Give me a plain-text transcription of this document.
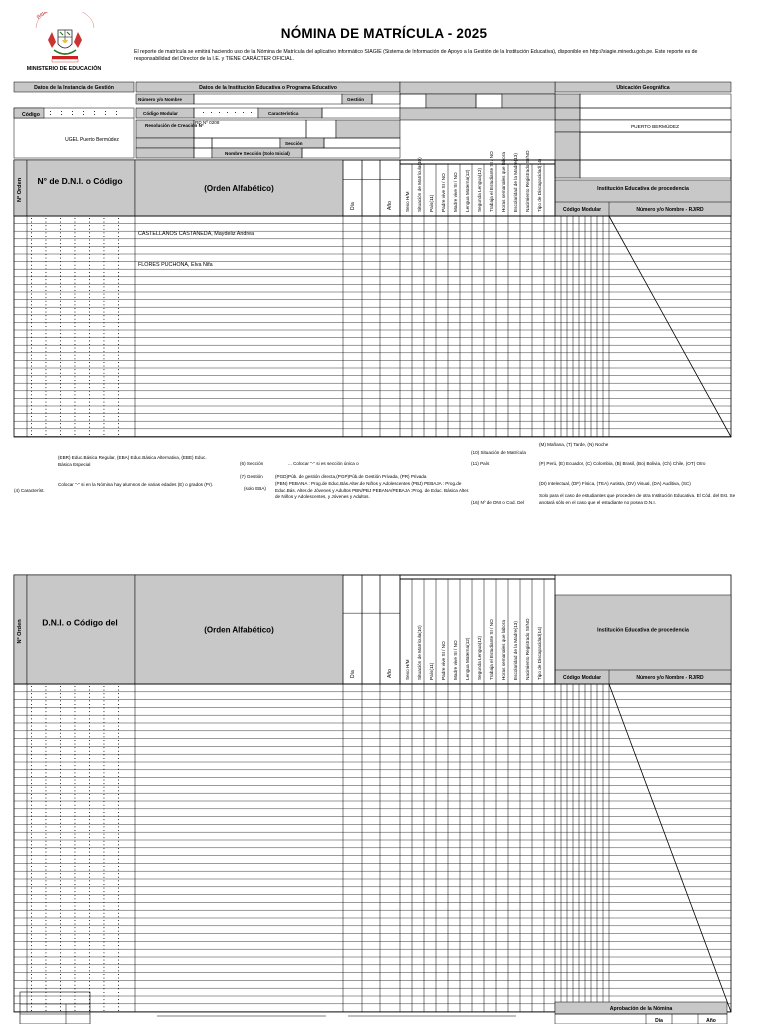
Rep
MINISTERIO DE EDUCACIÓN
NÓMINA DE MATRÍCULA - 2025
El reporte de matrícula se emitirá haciendo uso de la Nómina de Matrícula del aplicativo informático SIAGIE (Sistema de Información de Apoyo a la Gestión de la Institución Educativa), disponible en http://siagie.minedu.gob.pe. Este reporte es de responsabilidad del Director de la I.E. y TIENE CARÁCTER OFICIAL.
Datos de la Instancia de Gestión
Código
UGEL Puerto Bermúdez
Datos de la Institución Educativa o Programa Educativo
Número y/o Nombre	Gestión
Código Modular	Característica
Resolución de Creación N°
RD Nº 0208
Sección
Nombre Sección (Solo Inicial)
Ubicación Geográfica
PUERTO BERMÚDEZ
Nº Orden N° de D.N.I. o Código
(Orden Alfabético)
Día	Año	Sexo H/M Situación de Matrícula(10) País(11) Padre vive SI / NO Madre vive SI / NO Lengua Materna(12) Segunda Lengua(12) Trabaja el Estudiante SI / NO Horas semanales que labora Escolaridad de la Madre(13) Nacimiento Registrado SI/NO Tipo de Discapacidad(14)	Institución Educativa de procedencia
Código Modular	Número y/o Nombre - RJ/RD
CASTELLANOS CASTANEDA, Maydeliz Andrea
FLORES PUCHONA, Elva Nifa
Nº Orden D.N.I. o Código del
(Orden Alfabético)
Día	Año	Sexo H/M Situación de Matrícula(10) País(11) Padre vive SI / NO Madre vive SI / NO Lengua Materna(12) Segunda Lengua(12) Trabaja el Estudiante SI / NO Horas semanales que labora Escolaridad de la Madre(13) Nacimiento Registrado SI/NO Tipo de Discapacidad(14)	Institución Educativa de procedencia
Código Modular	Número y/o Nombre - RJ/RD
Aprobación de la Nómina
Día	Año
(EBR) Educ.Básica Regular, (EBA) Educ.Básica Alternativa, (EBE) Educ. Básica Especial
(4) Característ.
Colocar "-" si en la Nómina hay alumnos de varias edades (E) o grados (Pr).
(6) Sección	... Colocar "-" si es sección única o
(7) Gestión
(solo EBA)
(PGD)Púb. de gestión directa,(PGP)Púb.de Gestión Privada, (PR) Privada
(PBN) PEBANA : Prog.de Educ.Bás.Alter.de Niños y Adolescentes (PBJ) PEBAJA : Prog.de Educ.Bás. Alter.de Jóvenes y Adultos PBN/PBJ PEBANA/PEBAJA :Prog. de Educ. Básica Alter. de Niños y Adolescentes, y Jóvenes y Adultos.
(10) Situación de Matrícula
(11) País
(16) Nº de DNI o Cod. Del
(M) Mañana, (T) Tarde, (N) Noche
(P) Perú, (E) Ecuador, (C) Colombia, (B) Brasil, (Bo) Bolivia, (Ch) Chile, (OT) Otro
(DI) Intelectual, (DF) Física, (TEA) Autista, (DV) Visual, (DA) Auditiva, (SC)
Solo para el caso de estudiantes que proceden de otra Institución Educativa. El Cód. del Est. Se anotará sólo en el caso que el estudiante no posea D.N.I.
